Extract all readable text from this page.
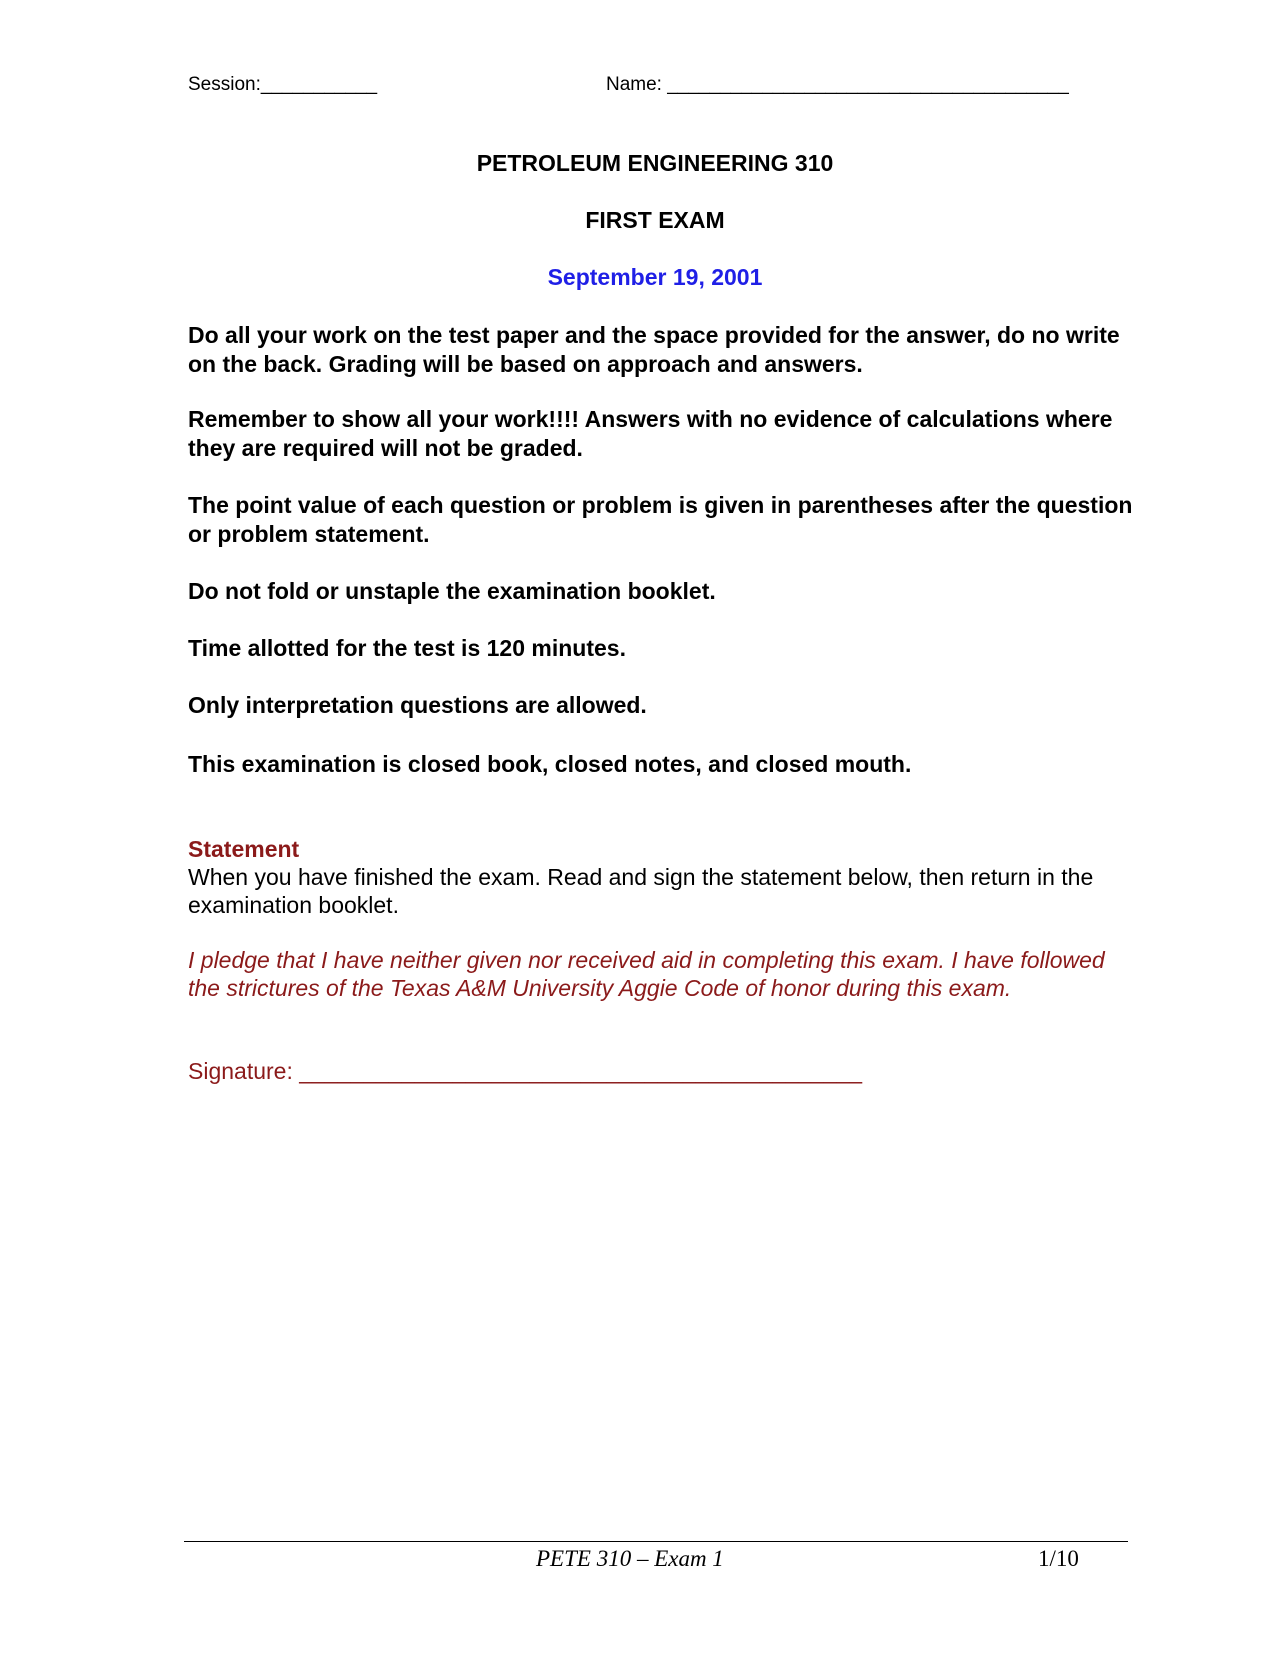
Session:___________	Name: ______________________________________
PETROLEUM ENGINEERING 310
FIRST EXAM
September 19, 2001
Do all your work on the test paper and the space provided for the answer, do no write on the back. Grading will be based on approach and answers.
Remember to show all your work!!!! Answers with no evidence of calculations where they are required will not be graded.
The point value of each question or problem is given in parentheses after the question or problem statement.
Do not fold or unstaple the examination booklet.
Time allotted for the test is 120 minutes.
Only interpretation questions are allowed.
This examination is closed book, closed notes, and closed mouth.
Statement
When you have finished the exam. Read and sign the statement below, then return in the examination booklet.
I pledge that I have neither given nor received aid in completing this exam. I have followed the strictures of the Texas A&M University Aggie Code of honor during this exam.
Signature: ____________________________________________
PETE 310 – Exam 1	1/10
